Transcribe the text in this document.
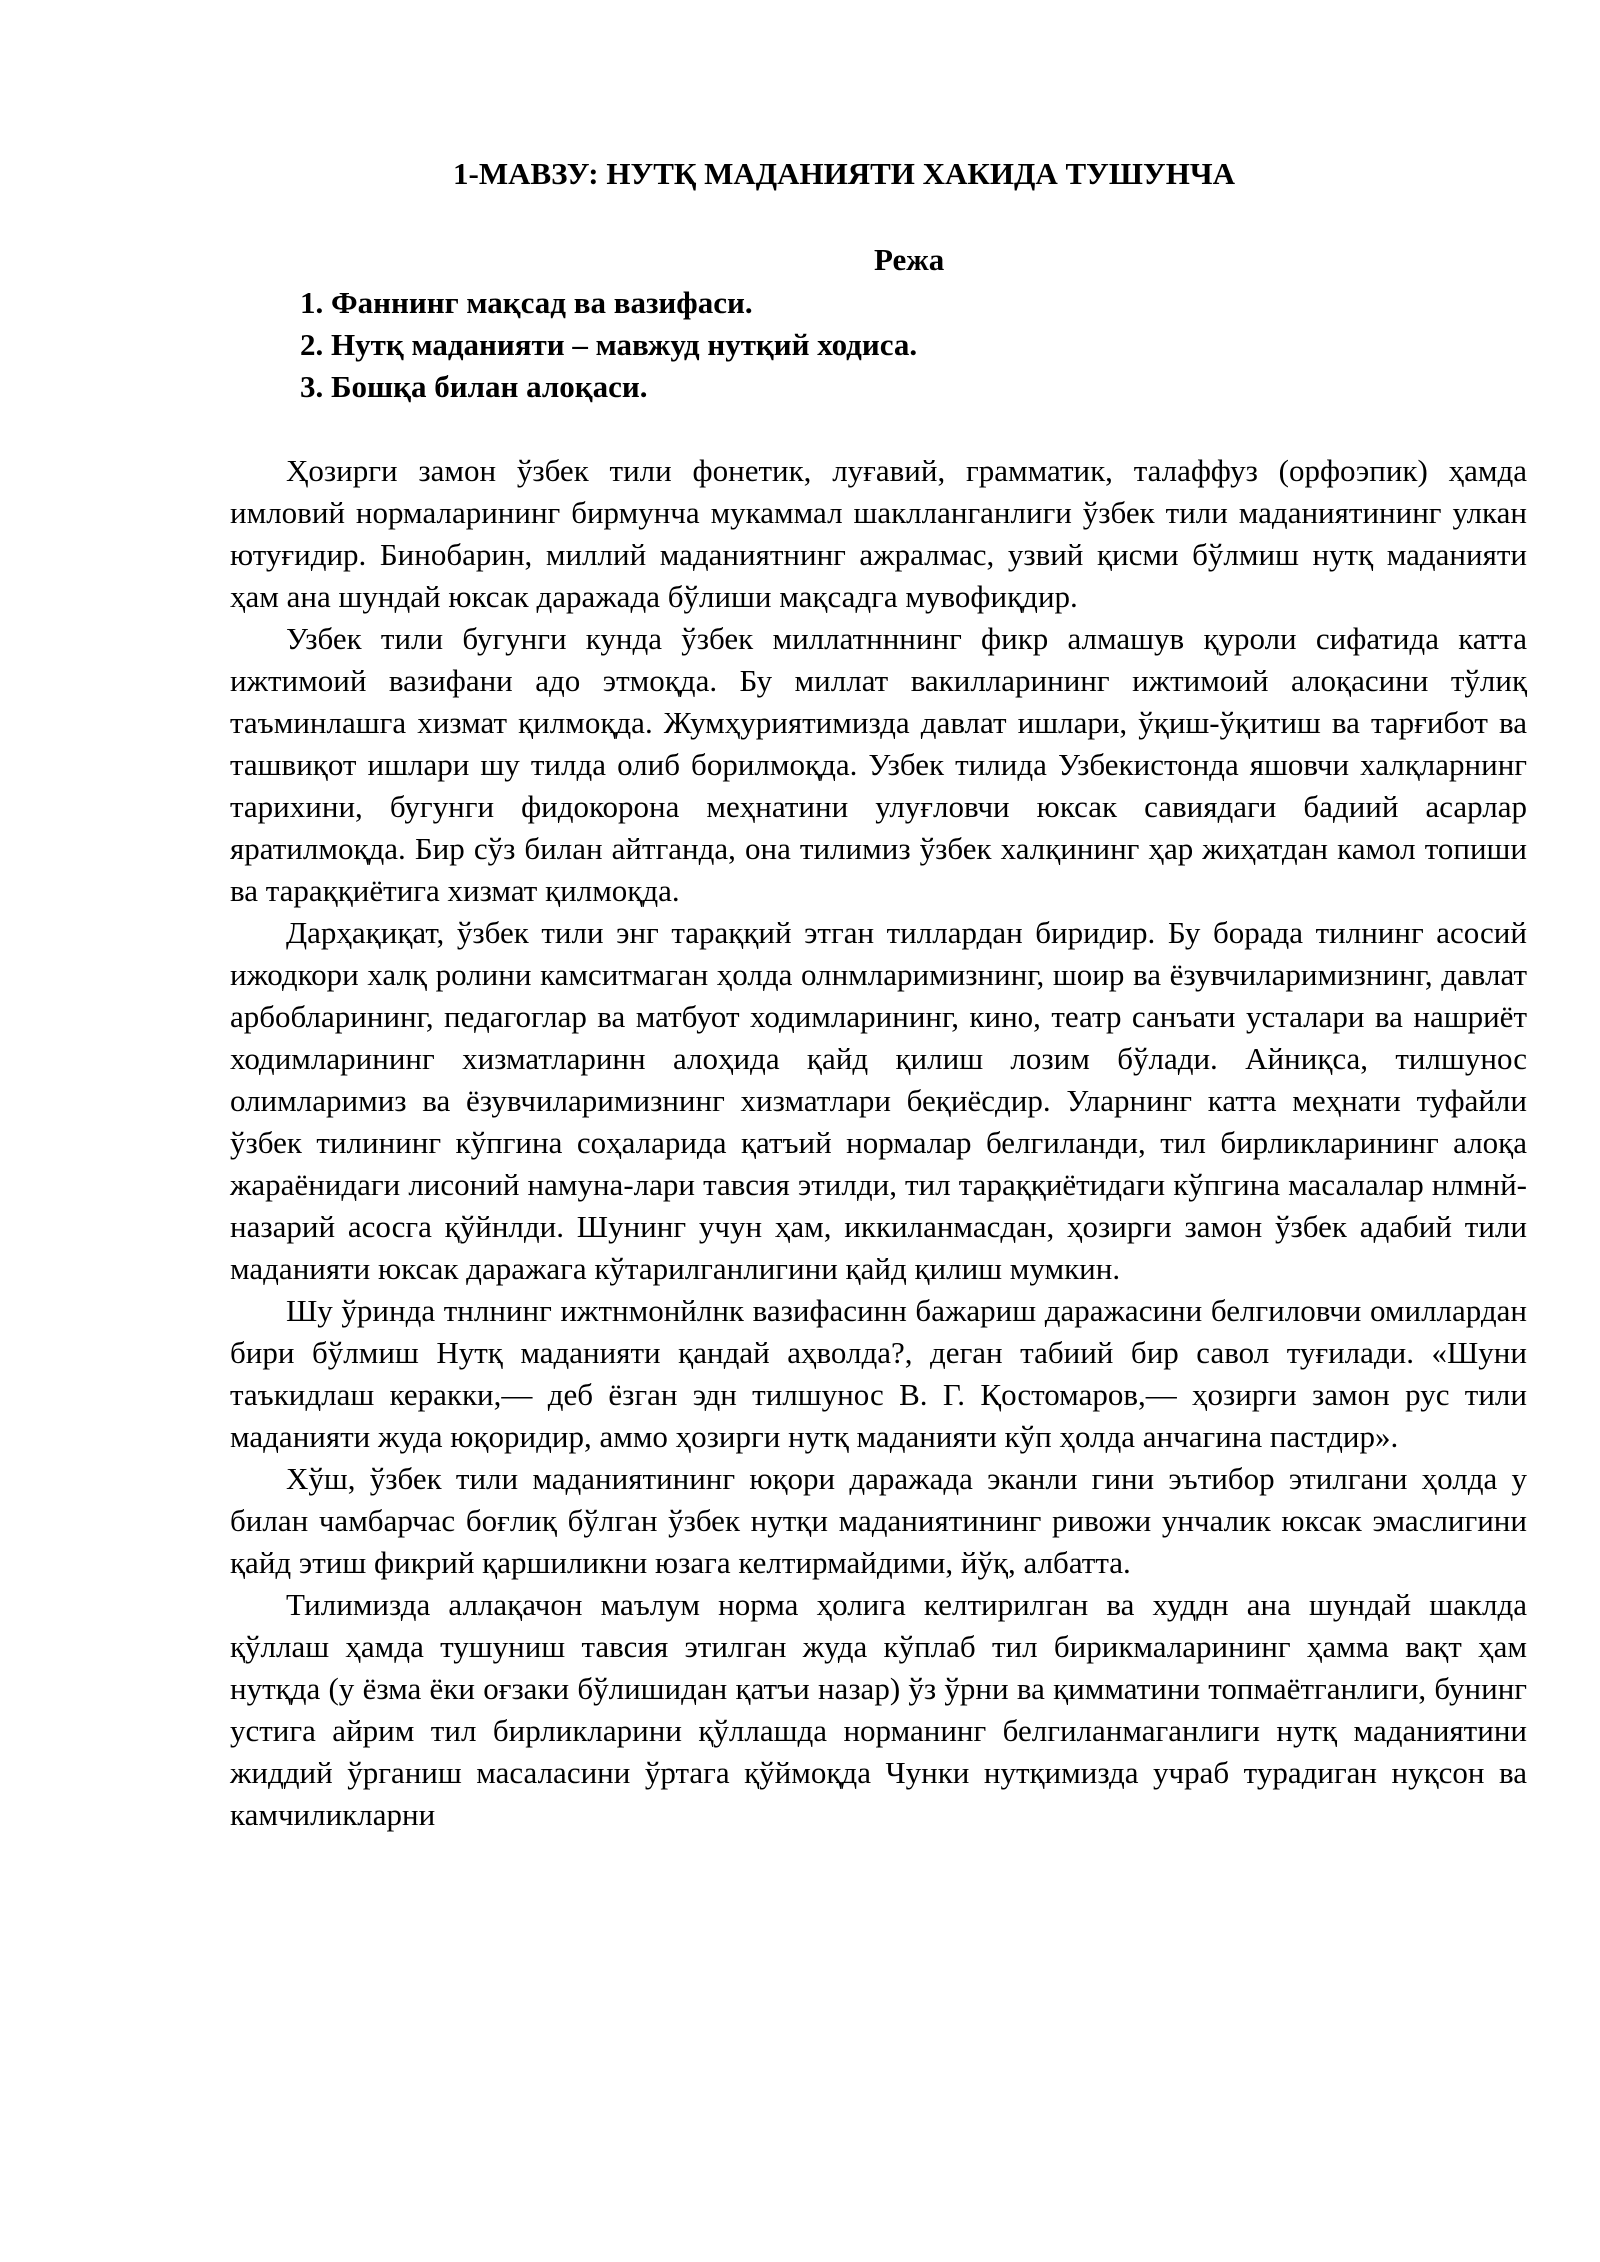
1-МАВЗУ: НУТҚ МАДАНИЯТИ ХАКИДА ТУШУНЧА
Режа
1. Фаннинг мақсад ва вазифаси.
2. Нутқ маданияти – мавжуд нутқий ходиса.
3. Бошқа билан алоқаси.

Ҳозирги замон ўзбек тили фонетик, луғавий, грамматик, талаффуз (орфоэпик) ҳамда имловий нормаларининг бирмунча мукаммал шаклланганлиги ўзбек тили маданиятининг улкан ютуғидир. Бинобарин, миллий маданиятнинг ажралмас, узвий қисми бўлмиш нутқ маданияти ҳам ана шундай юксак даражада бўлиши мақсадга мувофиқдир.

Узбек тили бугунги кунда ўзбек миллатнннинг фикр алмашув қуроли сифатида катта ижтимоий вазифани адо этмоқда. Бу миллат вакилларининг ижтимоий алоқасини тўлиқ таъминлашга хизмат қилмоқда. Жумҳуриятимизда давлат ишлари, ўқиш-ўқитиш ва тарғибот ва ташвиқот ишлари шу тилда олиб борилмоқда. Узбек тилида Узбекистонда яшовчи халқларнинг тарихини, бугунги фидокорона меҳнатини улуғловчи юксак савиядаги бадиий асарлар яратилмоқда. Бир сўз билан айтганда, она тилимиз ўзбек халқининг ҳар жиҳатдан камол топиши ва тараққиётига хизмат қилмоқда.

Дарҳақиқат, ўзбек тили энг тараққий этган тиллардан биридир. Бу борада тилнинг асосий ижодкори халқ ролини камситмаган ҳолда олнмларимизнинг, шоир ва ёзувчиларимизнинг, давлат арбобларининг, педагоглар ва матбуот ходимларининг, кино, театр санъати усталари ва нашриёт ходимларининг хизматларинн алоҳида қайд қилиш лозим бўлади. Айниқса, тилшунос олимларимиз ва ёзувчиларимизнинг хизматлари беқиёсдир. Уларнинг катта меҳнати туфайли ўзбек тилининг кўпгина соҳаларида қатъий нормалар белгиланди, тил бирликларининг алоқа жараёнидаги лисоний намуна-лари тавсия этилди, тил тараққиётидаги кўпгина масалалар нлмнй-назарий асосга қўйнлди. Шунинг учун ҳам, иккиланмасдан, ҳозирги замон ўзбек адабий тили маданияти юксак даражага кўтарилганлигини қайд қилиш мумкин.

Шу ўринда тнлнинг ижтнмонйлнк вазифасинн бажариш даражасини белгиловчи омиллардан бири бўлмиш Нутқ маданияти қандай аҳволда?, деган табиий бир савол туғилади. «Шуни таъкидлаш керакки,— деб ёзган эдн тилшунос В. Г. Қостомаров,— ҳозирги замон рус тили маданияти жуда юқоридир, аммо ҳозирги нутқ маданияти кўп ҳолда анчагина пастдир».

Хўш, ўзбек тили маданиятининг юқори даражада эканли гини эътибор этилгани ҳолда у билан чамбарчас боғлиқ бўлган ўзбек нутқи маданиятининг ривожи унчалик юксак эмаслигини қайд этиш фикрий қаршиликни юзага келтирмайдими, йўқ, албатта.

Тилимизда аллақачон маълум норма ҳолига келтирилган ва худдн ана шундай шаклда қўллаш ҳамда тушуниш тавсия этилган жуда кўплаб тил бирикмаларининг ҳамма вақт ҳам нутқда (у ёзма ёки оғзаки бўлишидан қатъи назар) ўз ўрни ва қимматини топмаётганлиги, бунинг устига айрим тил бирликларини қўллашда норманинг белгиланмаганлиги нутқ маданиятини жиддий ўрганиш масаласини ўртага қўймоқда Чунки нутқимизда учраб турадиган нуқсон ва камчиликларни
